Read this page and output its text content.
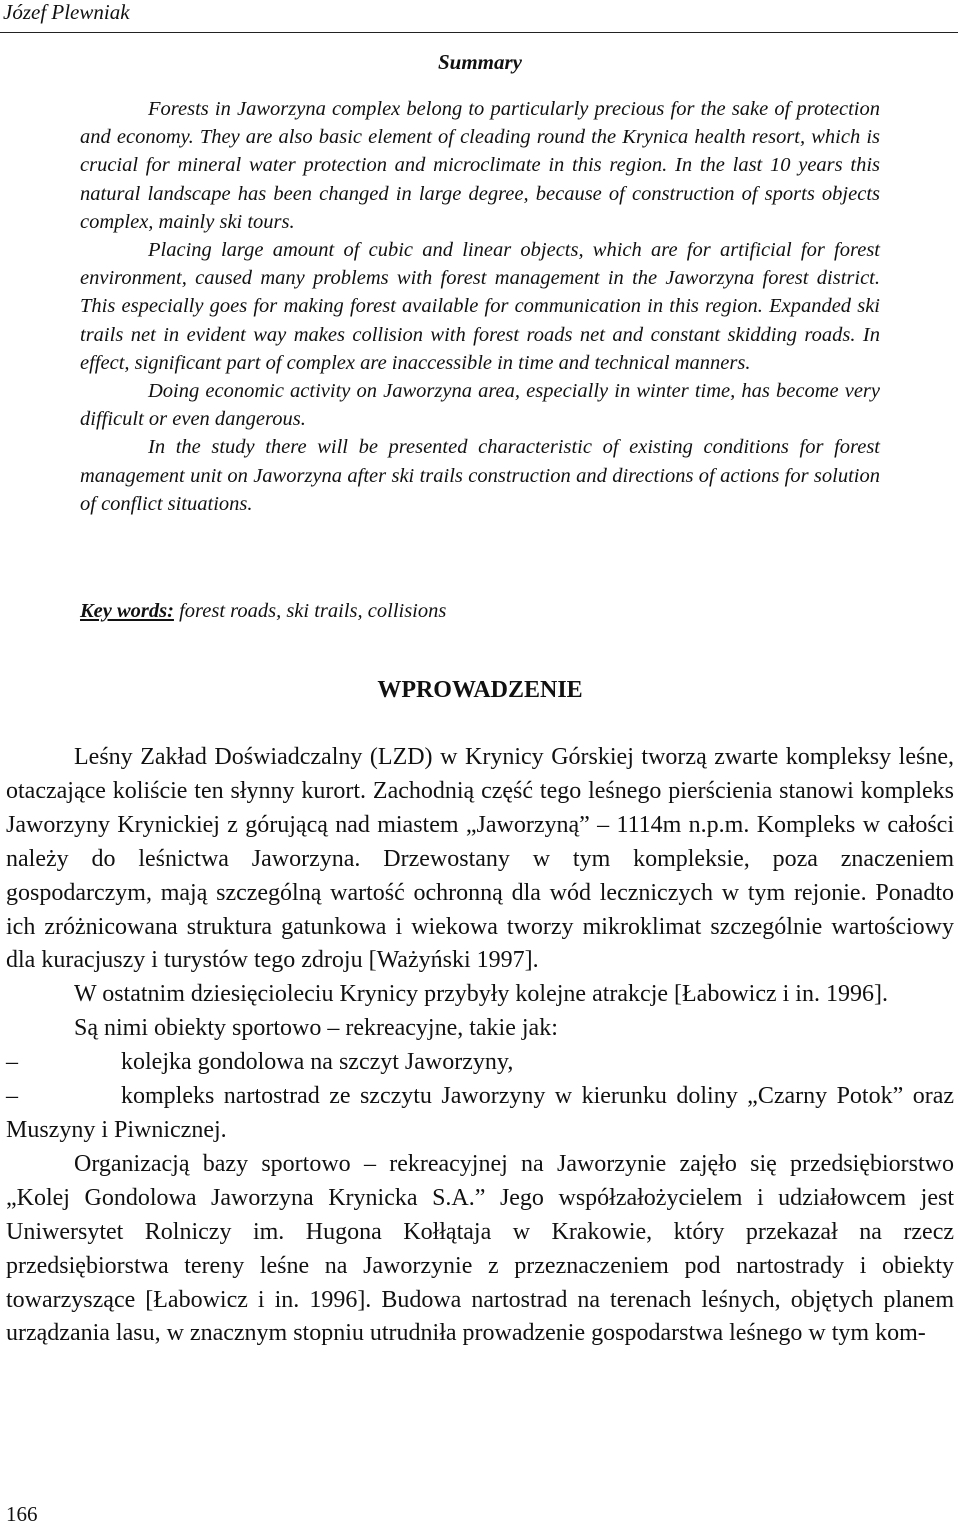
Józef Plewniak
Summary

Forests in Jaworzyna complex belong to particularly precious for the sake of protection and economy. They are also basic element of cleading round the Krynica health resort, which is crucial for mineral water protection and microclimate in this region. In the last 10 years this natural landscape has been changed in large degree, because of construction of sports objects complex, mainly ski tours.

Placing large amount of cubic and linear objects, which are for artificial for forest environment, caused many problems with forest management in the Jaworzyna forest district. This especially goes for making forest available for communication in this region. Expanded ski trails net in evident way makes collision with forest roads net and constant skidding roads. In effect, significant part of complex are inaccessible in time and technical manners.

Doing economic activity on Jaworzyna area, especially in winter time, has become very difficult or even dangerous.

In the study there will be presented characteristic of existing conditions for forest management unit on Jaworzyna after ski trails construction and directions of actions for solution of conflict situations.

Key words: forest roads, ski trails, collisions
WPROWADZENIE

Leśny Zakład Doświadczalny (LZD) w Krynicy Górskiej tworzą zwarte kompleksy leśne, otaczające koliście ten słynny kurort. Zachodnią część tego leśnego pierścienia stanowi kompleks Jaworzyny Krynickiej z górującą nad miastem „Jaworzyną” – 1114m n.p.m. Kompleks w całości należy do leśnictwa Jaworzyna. Drzewostany w tym kompleksie, poza znaczeniem gospodarczym, mają szczególną wartość ochronną dla wód leczniczych w tym rejonie. Ponadto ich zróżnicowana struktura gatunkowa i wiekowa tworzy mikroklimat szczególnie wartościowy dla kuracjuszy i turystów tego zdroju [Ważyński 1997].

W ostatnim dziesięcioleciu Krynicy przybyły kolejne atrakcje [Łabowicz i in. 1996].

Są nimi obiekty sportowo – rekreacyjne, takie jak:

–	kolejka gondolowa na szczyt Jaworzyny,

–	kompleks nartostrad ze szczytu Jaworzyny w kierunku doliny „Czarny Potok” oraz Muszyny i Piwnicznej.

Organizacją bazy sportowo – rekreacyjnej na Jaworzynie zajęło się przedsiębiorstwo „Kolej Gondolowa Jaworzyna Krynicka S.A.” Jego współzałożycielem i udziałowcem jest Uniwersytet Rolniczy im. Hugona Kołłątaja w Krakowie, który przekazał na rzecz przedsiębiorstwa tereny leśne na Jaworzynie z przeznaczeniem pod nartostrady i obiekty towarzyszące [Łabowicz i in. 1996]. Budowa nartostrad na terenach leśnych, objętych planem urządzania lasu, w znacznym stopniu utrudniła prowadzenie gospodarstwa leśnego w tym kom-

166
